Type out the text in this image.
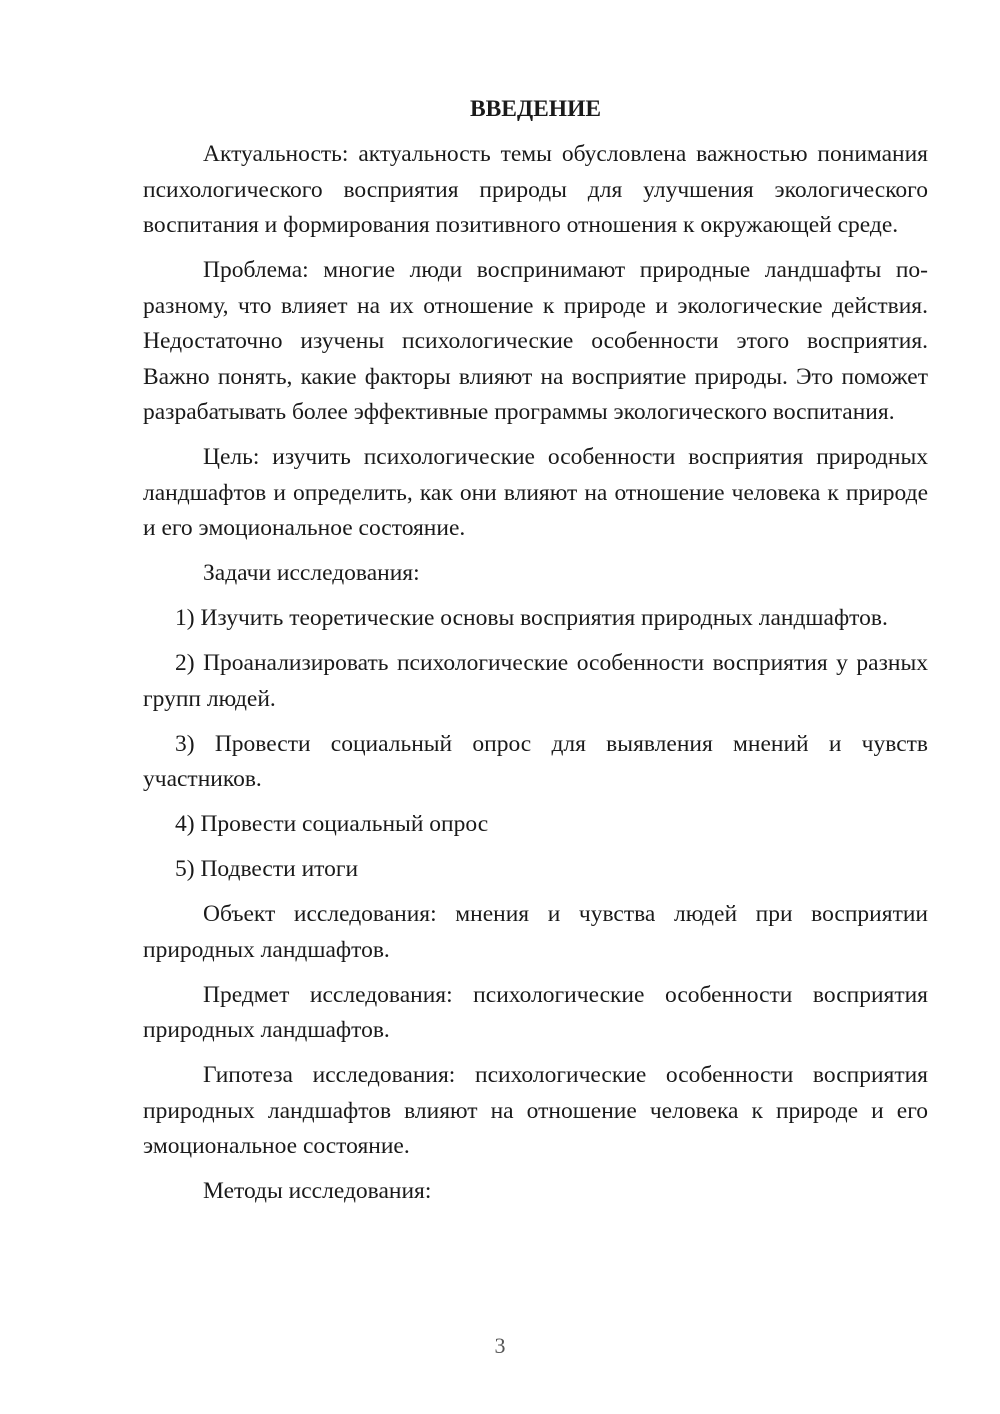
ВВЕДЕНИЕ

Актуальность: актуальность темы обусловлена важностью понимания психологического восприятия природы для улучшения экологического воспитания и формирования позитивного отношения к окружающей среде.

Проблема: многие люди воспринимают природные ландшафты по-разному, что влияет на их отношение к природе и экологические действия. Недостаточно изучены психологические особенности этого восприятия. Важно понять, какие факторы влияют на восприятие природы. Это поможет разрабатывать более эффективные программы экологического воспитания.

Цель: изучить психологические особенности восприятия природных ландшафтов и определить, как они влияют на отношение человека к природе и его эмоциональное состояние.

Задачи исследования:

1) Изучить теоретические основы восприятия природных ландшафтов.

2) Проанализировать психологические особенности восприятия у разных групп людей.

3) Провести социальный опрос для выявления мнений и чувств участников.

4) Провести социальный опрос

5) Подвести итоги

Объект исследования: мнения и чувства людей при восприятии природных ландшафтов.

Предмет исследования: психологические особенности восприятия природных ландшафтов.

Гипотеза исследования: психологические особенности восприятия природных ландшафтов влияют на отношение человека к природе и его эмоциональное состояние.

Методы исследования:

3
